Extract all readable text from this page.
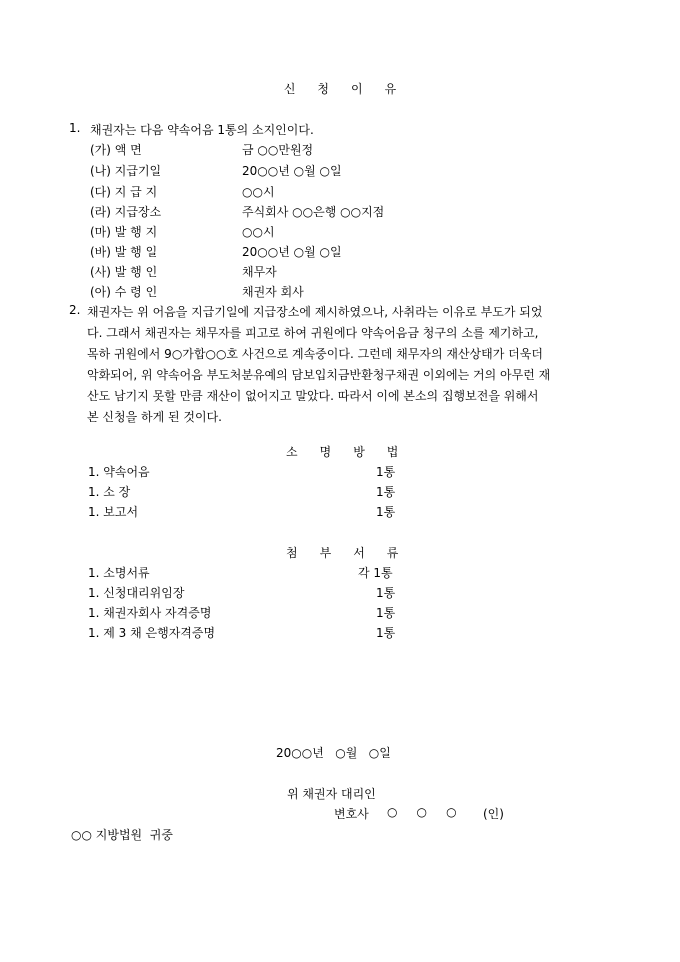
신 청 이 유
1. 채권자는 다음 약속어음 1통의 소지인이다.
(가) 액 면	금 ○○만원정
(나) 지급기일	20○○년 ○월 ○일
(다) 지 급 지	○○시
(라) 지급장소	주식회사 ○○은행 ○○지점
(마) 발 행 지	○○시
(바) 발 행 일	20○○년 ○월 ○일
(사) 발 행 인	채무자
(아) 수 령 인	채권자 회사
2. 채권자는 위 어음을 지급기일에 지급장소에 제시하였으나, 사취라는 이유로 부도가 되었
다. 그래서 채권자는 채무자를 피고로 하여 귀원에다 약속어음금 청구의 소를 제기하고,
목하 귀원에서 9○가합○○호 사건으로 계속중이다. 그런데 채무자의 재산상태가 더욱더
악화되어, 위 약속어음 부도처분유예의 담보입치금반환청구채권 이외에는 거의 아무런 재
산도 남기지 못할 만큼 재산이 없어지고 말았다. 따라서 이에 본소의 집행보전을 위해서
본 신청을 하게 된 것이다.
소 명 방 법
1. 약속어음	1통
1. 소 장	1통
1. 보고서	1통
첨 부 서 류
1. 소명서류	각 1통
1. 신청대리위임장	1통
1. 채권자회사 자격증명	1통
1. 제 3 채 은행자격증명	1통
20○○년   ○월   ○일
위 채권자 대리인
변호사 ○     ○     ○ (인)
○○ 지방법원  귀중
